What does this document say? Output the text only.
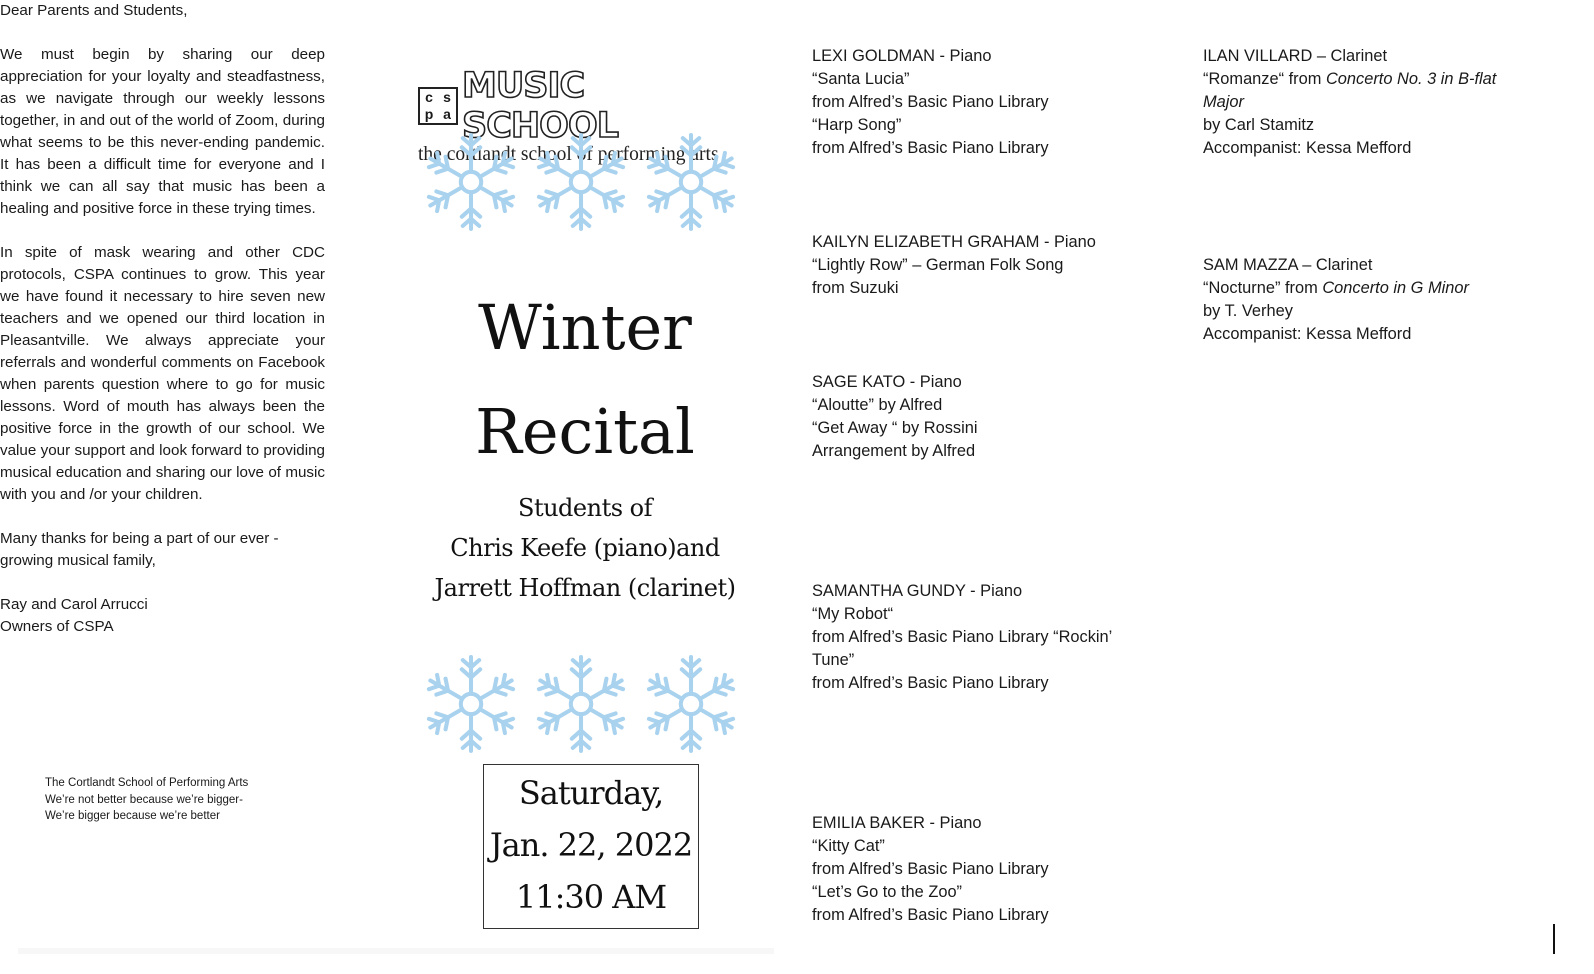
Dear Parents and Students,

We must begin by sharing our deep appreciation for your loyalty and steadfastness, as we navigate through our weekly lessons together, in and out of the world of Zoom, during what seems to be this never-ending pandemic. It has been a difficult time for everyone and I think we can all say that music has been a healing and positive force in these trying times.

In spite of mask wearing and other CDC protocols, CSPA continues to grow. This year we have found it necessary to hire seven new teachers and we opened our third location in Pleasantville. We always appreciate your referrals and wonderful comments on Facebook when parents question where to go for music lessons. Word of mouth has always been the positive force in the growth of our school. We value your support and look forward to providing musical education and sharing our love of music with you and /or your children.

Many thanks for being a part of our ever -growing musical family,

Ray and Carol Arrucci
Owners of CSPA
The Cortlandt School of Performing Arts
We’re not better because we’re bigger-
We’re bigger because we’re better
c s
p a
MUSIC SCHOOL
the cortlandt school of performing arts
Winter
Recital
Students of
Chris Keefe (piano)and
Jarrett Hoffman (clarinet)
Saturday,
Jan. 22, 2022
11:30 AM
LEXI GOLDMAN - Piano
“Santa Lucia”
from Alfred’s Basic Piano Library
“Harp Song”
from Alfred’s Basic Piano Library
KAILYN ELIZABETH GRAHAM - Piano
“Lightly Row” – German Folk Song
from Suzuki
SAGE KATO - Piano
“Aloutte” by Alfred
“Get Away “ by Rossini
Arrangement by Alfred
SAMANTHA GUNDY - Piano
“My Robot“
from Alfred’s Basic Piano Library “Rockin’ Tune”
from Alfred’s Basic Piano Library
EMILIA BAKER - Piano
“Kitty Cat”
from Alfred’s Basic Piano Library
“Let’s Go to the Zoo”
from Alfred’s Basic Piano Library
ILAN VILLARD – Clarinet
“Romanze“ from Concerto No. 3 in B-flat Major
by Carl Stamitz
Accompanist: Kessa Mefford
SAM MAZZA – Clarinet
“Nocturne” from Concerto in G Minor
by T. Verhey
Accompanist: Kessa Mefford
